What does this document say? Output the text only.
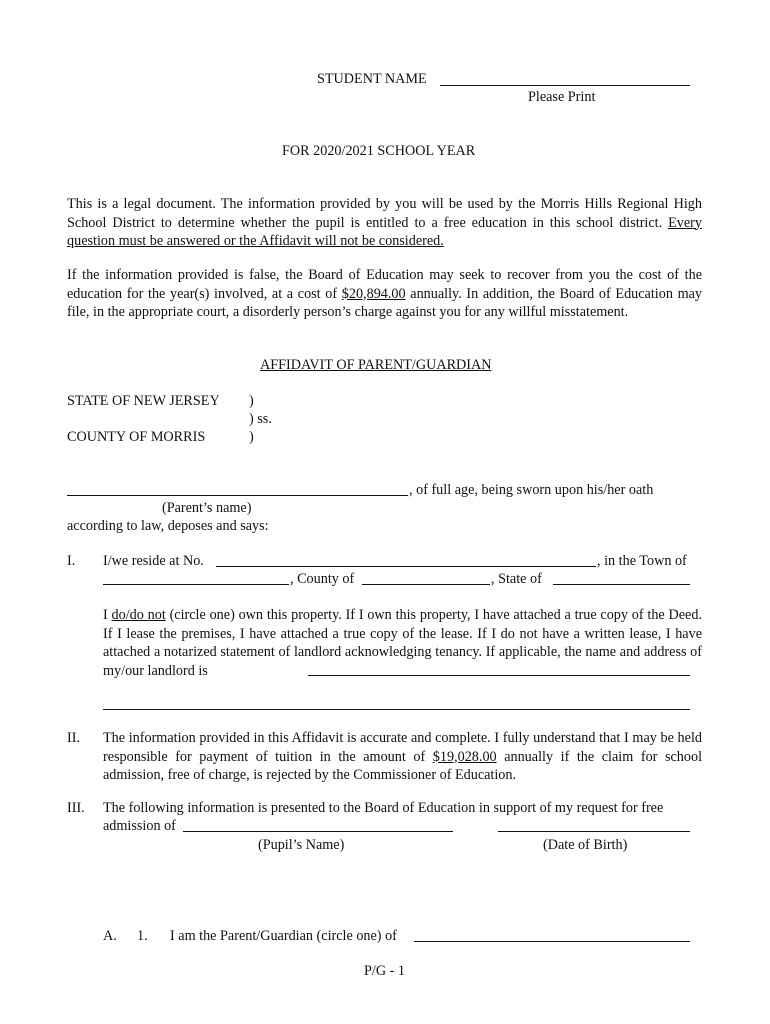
STUDENT NAME
Please Print
FOR 2020/2021 SCHOOL YEAR
This is a legal document. The information provided by you will be used by the Morris Hills Regional High School District to determine whether the pupil is entitled to a free education in this school district. Every question must be answered or the Affidavit will not be considered.
If the information provided is false, the Board of Education may seek to recover from you the cost of the education for the year(s) involved, at a cost of $20,894.00 annually. In addition, the Board of Education may file, in the appropriate court, a disorderly person’s charge against you for any willful misstatement.
AFFIDAVIT OF PARENT/GUARDIAN
STATE OF NEW JERSEY )
) ss.
COUNTY OF MORRIS	)
, of full age, being sworn upon his/her oath
(Parent’s name)
according to law, deposes and says:
I. I/we reside at No.	, in the Town of
, County of	, State of
I do/do not (circle one) own this property. If I own this property, I have attached a true copy of the Deed. If I lease the premises, I have attached a true copy of the lease. If I do not have a written lease, I have attached a notarized statement of landlord acknowledging tenancy. If applicable, the name and address of my/our landlord is
II. The information provided in this Affidavit is accurate and complete. I fully understand that I may be held responsible for payment of tuition in the amount of $19,028.00 annually if the claim for school admission, free of charge, is rejected by the Commissioner of Education.
III. The following information is presented to the Board of Education in support of my request for free
admission of
(Pupil’s Name)	(Date of Birth)
A. 1. I am the Parent/Guardian (circle one) of
P/G - 1
